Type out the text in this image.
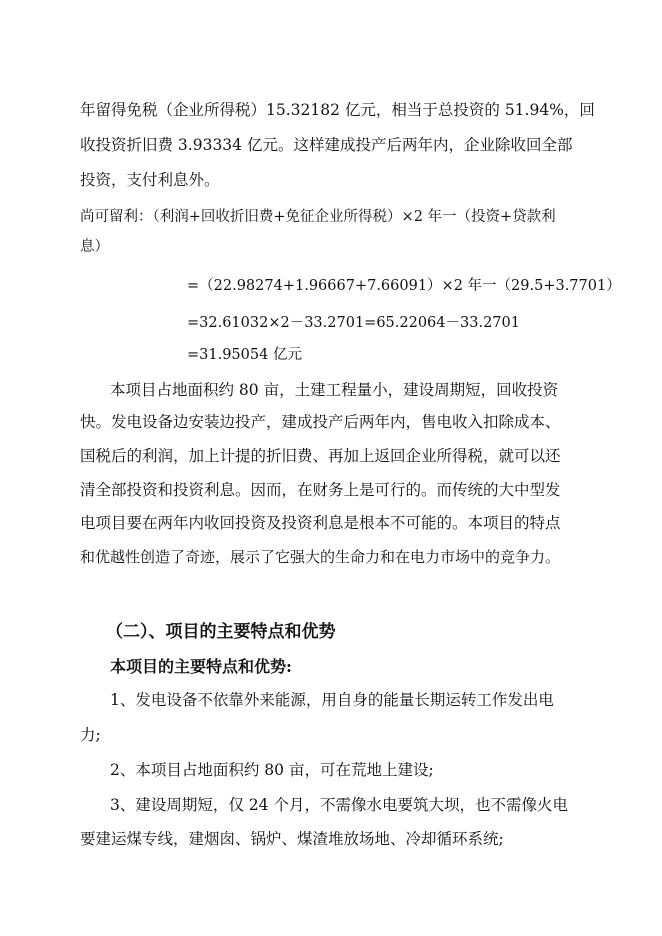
年留得免税（企业所得税）15.32182 亿元，相当于总投资的 51.94%，回
收投资折旧费 3.93334 亿元。这样建成投产后两年内，企业除收回全部
投资，支付利息外。
尚可留利：（利润+回收折旧费+免征企业所得税）×2 年一（投资+贷款利
息）
=（22.98274+1.96667+7.66091）×2 年一（29.5+3.7701）
=32.61032×2－33.2701=65.22064－33.2701
=31.95054 亿元
本项目占地面积约 80 亩，土建工程量小，建设周期短，回收投资
快。发电设备边安装边投产，建成投产后两年内，售电收入扣除成本、
国税后的利润，加上计提的折旧费、再加上返回企业所得税，就可以还
清全部投资和投资利息。因而，在财务上是可行的。而传统的大中型发
电项目要在两年内收回投资及投资利息是根本不可能的。本项目的特点
和优越性创造了奇迹，展示了它强大的生命力和在电力市场中的竞争力。
（二）、项目的主要特点和优势
本项目的主要特点和优势:
1、发电设备不依靠外来能源，用自身的能量长期运转工作发出电
力;
2、本项目占地面积约 80 亩，可在荒地上建设;
3、建设周期短，仅 24 个月，不需像水电要筑大坝，也不需像火电
要建运煤专线，建烟囱、锅炉、煤渣堆放场地、冷却循环系统;
